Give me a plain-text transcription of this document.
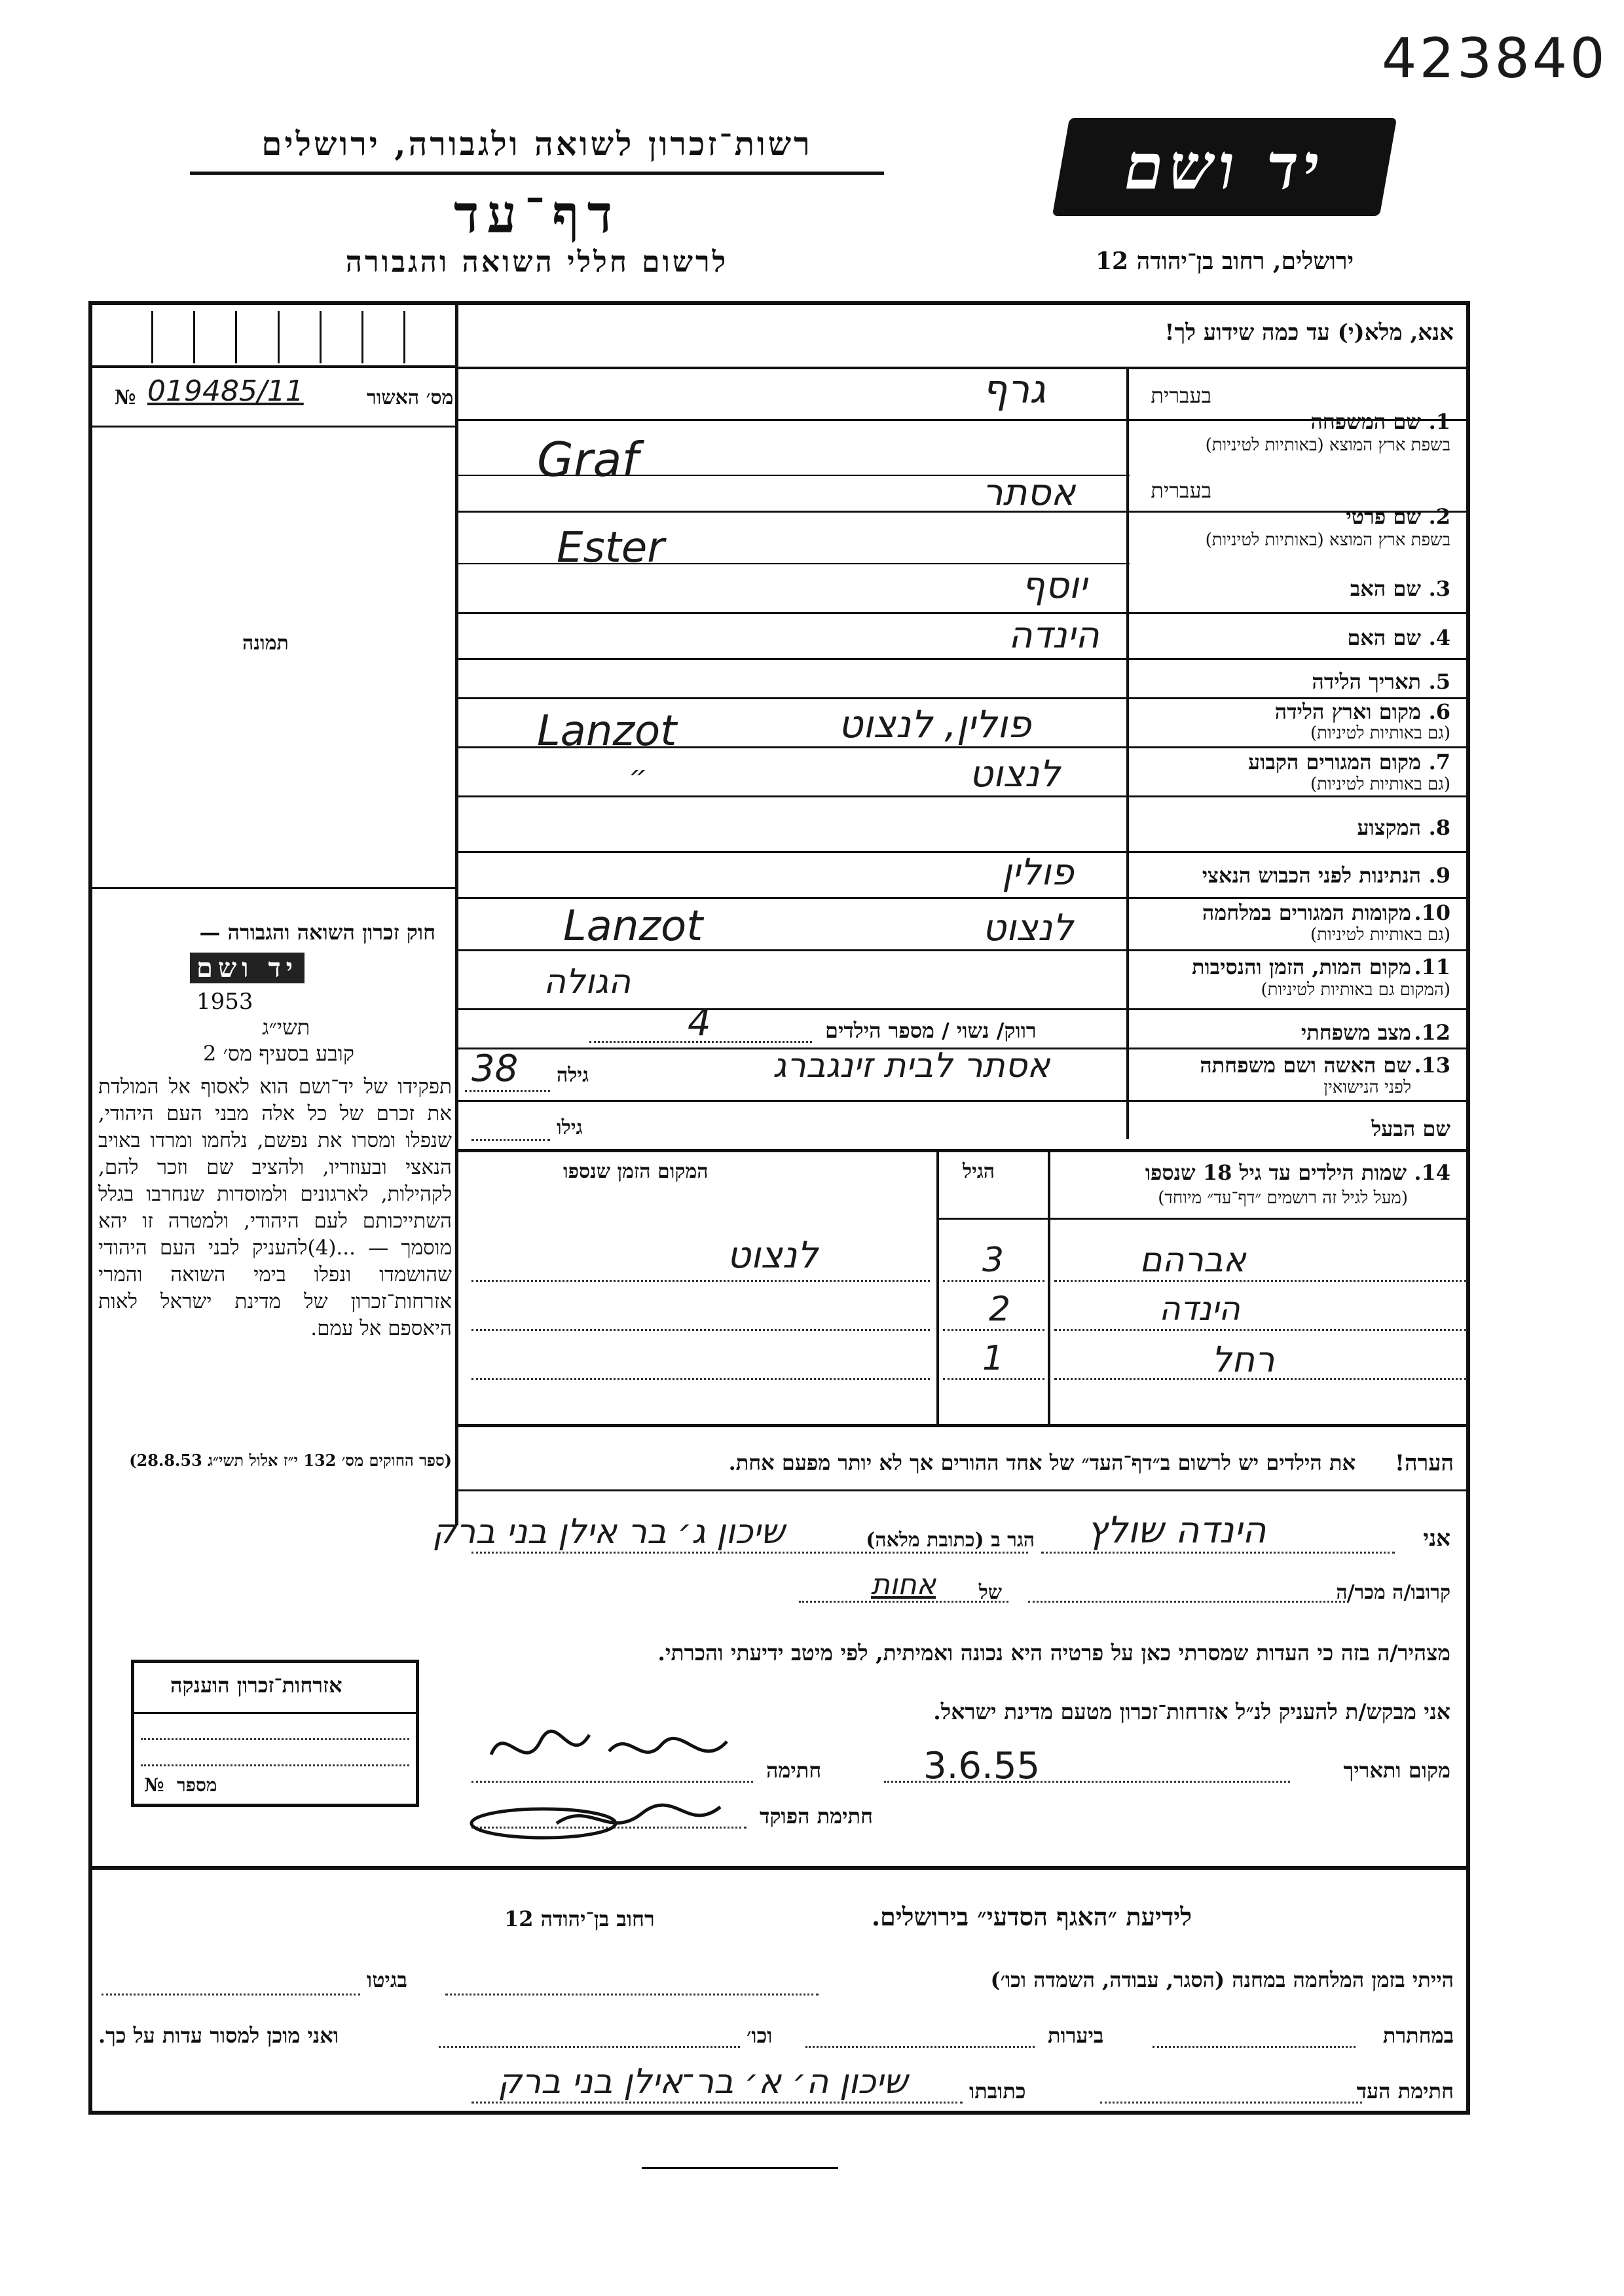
423840
רשות־זכרון לשואה ולגבורה, ירושלים
דף־עד
לרשום חללי השואה והגבורה
יד ושם
ירושלים, רחוב בן־יהודה 12
אנא, מלא(י) עד כמה שידוע לך!
מס׳ האשור
№ 019485/11
תמונה
בעברית
1.
שם המשפחה
בשפת ארץ המוצא (באותיות לטיניות)
גרף
Graf
בעברית
2.
שם פרטי
בשפת ארץ המוצא (באותיות לטיניות)
אסתר
Ester
3.
שם האב
יוסף
4.
שם האם
הינדה
5.
תאריך הלידה
6.
מקום וארץ הלידה
(גם באותיות לטיניות)
פולין, לנצוט
Lanzot
7.
מקום המגורים הקבוע
(גם באותיות לטיניות)
לנצוט
״
8.
המקצוע
9.
הנתינות לפני הכבוש הנאצי
פולין
10.
מקומות המגורים במלחמה
(גם באותיות לטיניות)
לנצוט
Lanzot
11.
מקום המות, הזמן והנסיבות
(המקום גם באותיות לטיניות)
הגולה
12.
מצב משפחתי
רווק/ נשוי / מספר הילדים
4
13.
שם האשה ושם משפחתה
לפני הנישואין
אסתר לבית זינגברג
גילה
38
שם הבעל
גילו
14. שמות הילדים עד גיל 18 שנספו
(מעל לגיל זה רושמים ״דף־עד״ מיוחד)
הגיל
המקום הזמן שנספו
אברהם
3
לנצוט
הינדה
2
רחל
1
הערה!
את הילדים יש לרשום ב״דף־העד״ של אחד ההורים אך לא יותר מפעם אחת.
חוק זכרון השואה והגבורה —
יד ושם
תשי״ג
1953
קובע בסעיף מס׳ 2
תפקידו של יד־ושם הוא לאסוף אל המולדת את זכרם של כל אלה מבני העם היהודי, שנפלו ומסרו את נפשם, נלחמו ומרדו באויב הנאצי ובעוזריו, ולהציב שם וזכר להם, לקהילות, לארגונים ולמוסדות שנחרבו בגלל השתייכותם לעם היהודי, ולמטרה זו יהא מוסמך — ...(4)להעניק לבני העם היהודי שהושמדו ונפלו בימי השואה והמרי אזרחות־זכרון של מדינת ישראל לאות היאספם אל עמם.
(ספר החוקים מס׳ 132 י״ז אלול תשי״ג 28.8.53)
אני
הינדה שולץ
הגר ב (כתובת מלאה)
שיכון ג׳ בר אילן בני ברק
קרובו/ה מכר/ה
של
אחות
מצהיר/ה בזה כי העדות שמסרתי כאן על פרטיה היא נכונה ואמיתית, לפי מיטב ידיעתי והכרתי.
אני מבקש/ת להעניק לנ״ל אזרחות־זכרון מטעם מדינת ישראל.
מקום ותאריך
3.6.55
חתימה
חתימת הפוקד
אזרחות־זכרון הוענקה
מספר
№
לידיעת ״האגף הסדעי״ בירושלים.
רחוב בן־יהודה 12
הייתי בזמן המלחמה במחנה (הסגר, עבודה, השמדה וכו׳)
בגיטו
במחתרת
ביערות
וכו׳
ואני מוכן למסור עדות על כך.
חתימת העד
כתובתו
שיכון ה׳ א׳ בר־אילן בני ברק
